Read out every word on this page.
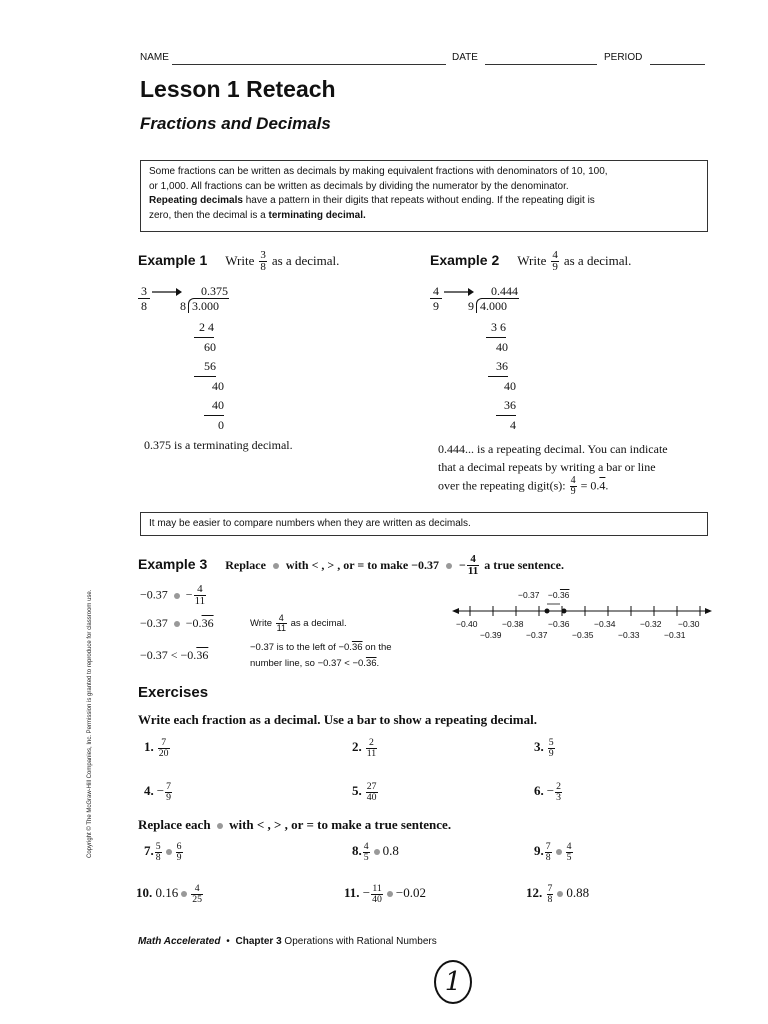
NAME	DATE	PERIOD
Lesson 1 Reteach
Fractions and Decimals
Some fractions can be written as decimals by making equivalent fractions with denominators of 10, 100,
or 1,000. All fractions can be written as decimals by dividing the numerator by the denominator.
Repeating decimals have a pattern in their digits that repeats without ending. If the repeating digit is
zero, then the decimal is a terminating decimal.
Example 1 Write $\frac{3}{8}$ as a decimal.
$\frac{3}{8}$	0.375
8 3.000
2 4
60
56
40
40
0
0.375 is a terminating decimal.
Example 2 Write $\frac{4}{9}$ as a decimal.
$\frac{4}{9}$	0.444
9 4.000
3 6
40
36
40
36
4
0.444... is a repeating decimal. You can indicate
that a decimal repeats by writing a bar or line
over the repeating digit(s): $\frac{4}{9} = 0.4$.
It may be easier to compare numbers when they are written as decimals.
Copyright © The McGraw-Hill Companies, Inc. Permission is granted to reproduce for classroom use.
Example 3 Replace with < , > , or = to make $-0.37 - \frac{4}{11}$ a true sentence.
$-0.37 - \frac{4}{11}$
−0.37 −0.36
−0.37 < −0.36
Write $\frac{4}{11}$ as a decimal.
−0.37 is to the left of −0.36 on the
number line, so −0.37 < −0.36.
−0.37 −0.36
−0.40	−0.38	−0.36	−0.34	−0.32 −0.30
−0.39	−0.37	−0.35	−0.33	−0.31
Exercises
Write each fraction as a decimal. Use a bar to show a repeating decimal.
1. $\frac{7}{20}$	2. $\frac{2}{11}$	3. $\frac{5}{9}$
4. − $\frac{7}{9}$	5. $\frac{27}{40}$	6. − $\frac{2}{3}$
Replace each with < , > , or = to make a true sentence.
7. $\frac{5}{8} \frac{6}{9}$	8. $\frac{4}{5} 0.8$	9. $\frac{7}{8} \frac{4}{5}$
10. $0.16 \frac{4}{25}$	11. − $\frac{11}{40} -0.02$	12. $\frac{7}{8} 0.88$
Math Accelerated • Chapter 3 Operations with Rational Numbers
1
